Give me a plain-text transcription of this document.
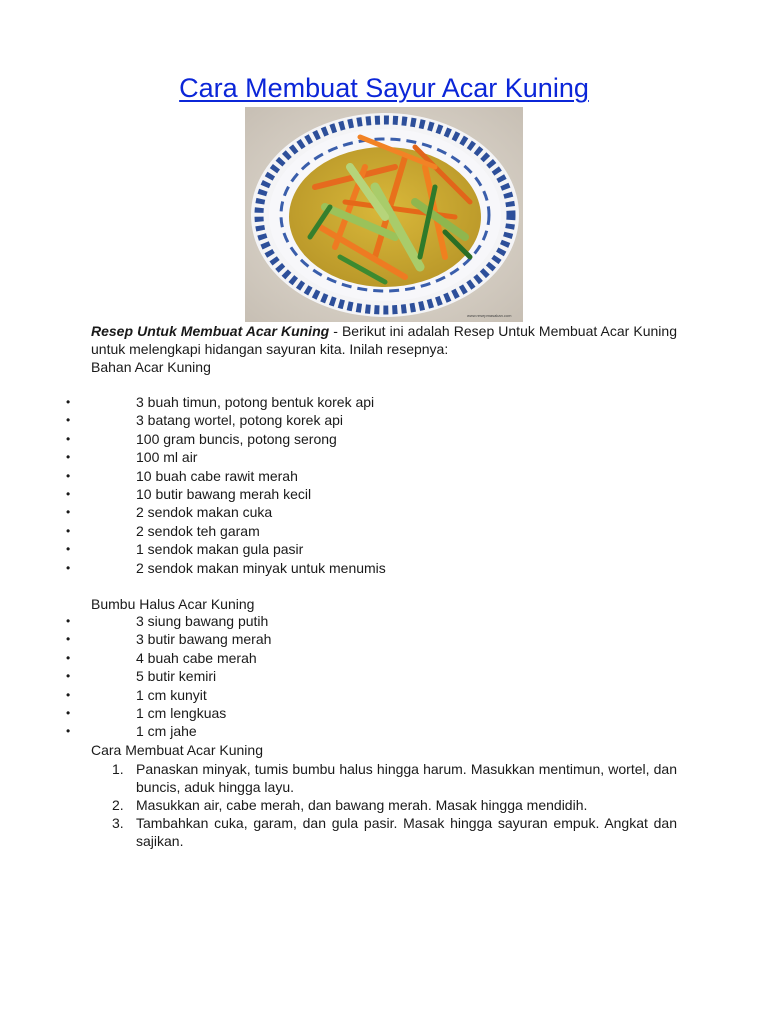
Cara Membuat Sayur Acar Kuning
www.resepmasakan.com
Resep Untuk Membuat Acar Kuning - Berikut ini adalah Resep Untuk Membuat Acar Kuning untuk melengkapi hidangan sayuran kita. Inilah resepnya:
Bahan Acar Kuning
•	3 buah timun, potong bentuk korek api
•	3 batang wortel, potong korek api
•	100 gram buncis, potong serong
•	100 ml air
•	10 buah cabe rawit merah
•	10 butir bawang merah kecil
•	2 sendok makan cuka
•	2 sendok teh garam
•	1 sendok makan gula pasir
•	2 sendok makan minyak untuk menumis
Bumbu Halus Acar Kuning
•	3 siung bawang putih
•	3 butir bawang merah
•	4 buah cabe merah
•	5 butir kemiri
•	1 cm kunyit
•	1 cm lengkuas
•	1 cm jahe
Cara Membuat Acar Kuning
1. Panaskan minyak, tumis bumbu halus hingga harum. Masukkan mentimun, wortel, dan buncis, aduk hingga layu.
2. Masukkan air, cabe merah, dan bawang merah. Masak hingga mendidih.
3. Tambahkan cuka, garam, dan gula pasir. Masak hingga sayuran empuk. Angkat dan sajikan.
